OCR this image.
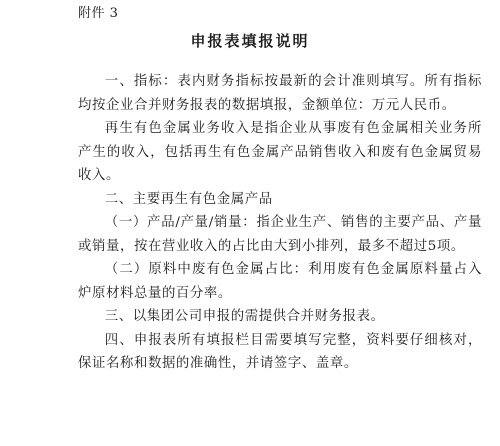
附件 3
申报表填报说明

一、指标：表内财务指标按最新的会计准则填写。所有指标均按企业合并财务报表的数据填报，金额单位：万元人民币。

再生有色金属业务收入是指企业从事废有色金属相关业务所产生的收入，包括再生有色金属产品销售收入和废有色金属贸易收入。

二、主要再生有色金属产品

（一）产品/产量/销量：指企业生产、销售的主要产品、产量或销量，按在营业收入的占比由大到小排列，最多不超过5项。

（二）原料中废有色金属占比：利用废有色金属原料量占入炉原材料总量的百分率。

三、以集团公司申报的需提供合并财务报表。

四、申报表所有填报栏目需要填写完整，资料要仔细核对，保证名称和数据的准确性，并请签字、盖章。
